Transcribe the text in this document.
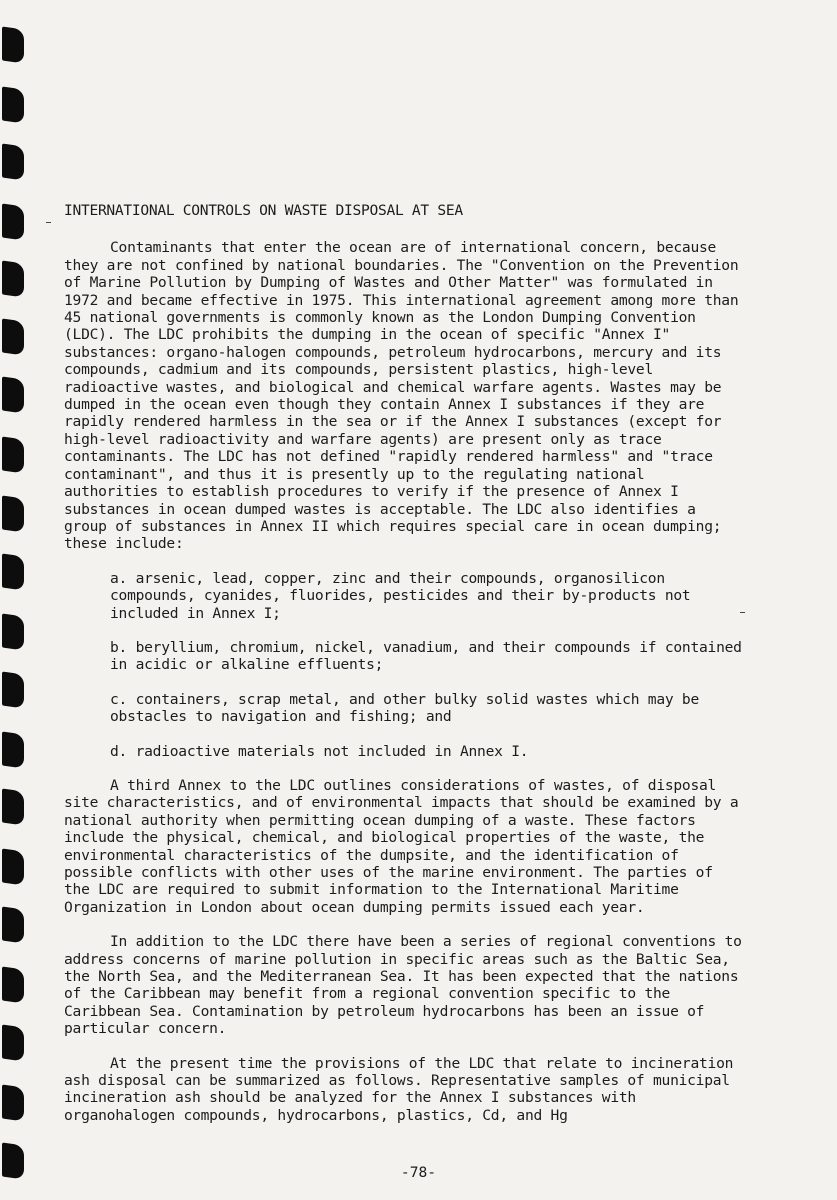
INTERNATIONAL CONTROLS ON WASTE DISPOSAL AT SEA

Contaminants that enter the ocean are of international concern, because they are not confined by national boundaries. The "Convention on the Prevention of Marine Pollution by Dumping of Wastes and Other Matter" was formulated in 1972 and became effective in 1975. This international agreement among more than 45 national governments is commonly known as the London Dumping Convention (LDC). The LDC prohibits the dumping in the ocean of specific "Annex I" substances: organo-halogen compounds, petroleum hydrocarbons, mercury and its compounds, cadmium and its compounds, persistent plastics, high-level radioactive wastes, and biological and chemical warfare agents. Wastes may be dumped in the ocean even though they contain Annex I substances if they are rapidly rendered harmless in the sea or if the Annex I substances (except for high-level radioactivity and warfare agents) are present only as trace contaminants. The LDC has not defined "rapidly rendered harmless" and "trace contaminant", and thus it is presently up to the regulating national authorities to establish procedures to verify if the presence of Annex I substances in ocean dumped wastes is acceptable. The LDC also identifies a group of substances in Annex II which requires special care in ocean dumping; these include:

a. arsenic, lead, copper, zinc and their compounds, organosilicon compounds, cyanides, fluorides, pesticides and their by-products not included in Annex I;
b. beryllium, chromium, nickel, vanadium, and their compounds if contained in acidic or alkaline effluents;
c. containers, scrap metal, and other bulky solid wastes which may be obstacles to navigation and fishing; and
d. radioactive materials not included in Annex I.

A third Annex to the LDC outlines considerations of wastes, of disposal site characteristics, and of environmental impacts that should be examined by a national authority when permitting ocean dumping of a waste. These factors include the physical, chemical, and biological properties of the waste, the environmental characteristics of the dumpsite, and the identification of possible conflicts with other uses of the marine environment. The parties of the LDC are required to submit information to the International Maritime Organization in London about ocean dumping permits issued each year.

In addition to the LDC there have been a series of regional conventions to address concerns of marine pollution in specific areas such as the Baltic Sea, the North Sea, and the Mediterranean Sea. It has been expected that the nations of the Caribbean may benefit from a regional convention specific to the Caribbean Sea. Contamination by petroleum hydrocarbons has been an issue of particular concern.

At the present time the provisions of the LDC that relate to incineration ash disposal can be summarized as follows. Representative samples of municipal incineration ash should be analyzed for the Annex I substances with organohalogen compounds, hydrocarbons, plastics, Cd, and Hg

-78-
